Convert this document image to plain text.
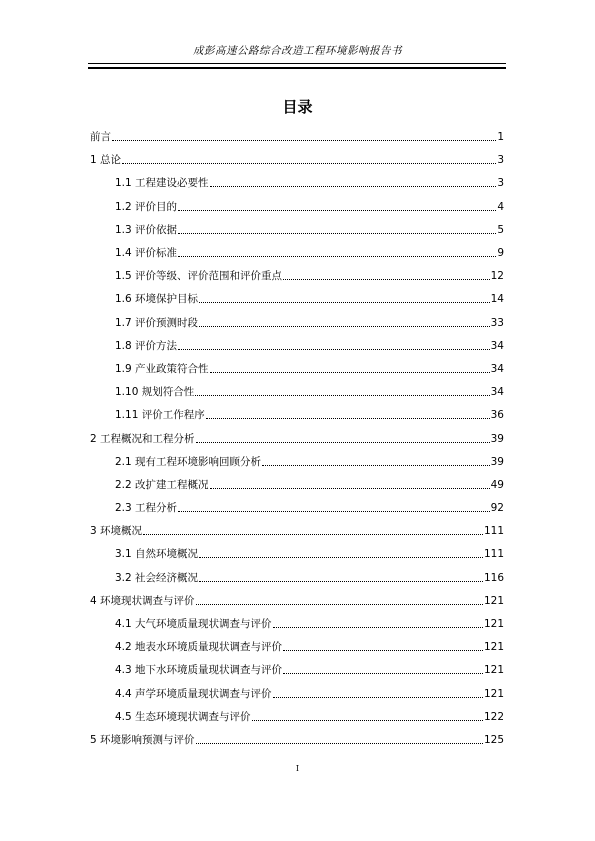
成彭高速公路综合改造工程环境影响报告书
目录
前言	1
1 总论	3
1.1 工程建设必要性	3
1.2 评价目的	4
1.3 评价依据	5
1.4 评价标准	9
1.5 评价等级、评价范围和评价重点	12
1.6 环境保护目标	14
1.7 评价预测时段	33
1.8 评价方法	34
1.9 产业政策符合性	34
1.10 规划符合性	34
1.11 评价工作程序	36
2 工程概况和工程分析	39
2.1 现有工程环境影响回顾分析	39
2.2 改扩建工程概况	49
2.3 工程分析	92
3 环境概况	111
3.1 自然环境概况	111
3.2 社会经济概况	116
4 环境现状调查与评价	121
4.1 大气环境质量现状调查与评价	121
4.2 地表水环境质量现状调查与评价	121
4.3 地下水环境质量现状调查与评价	121
4.4 声学环境质量现状调查与评价	121
4.5 生态环境现状调查与评价	122
5 环境影响预测与评价	125
I
